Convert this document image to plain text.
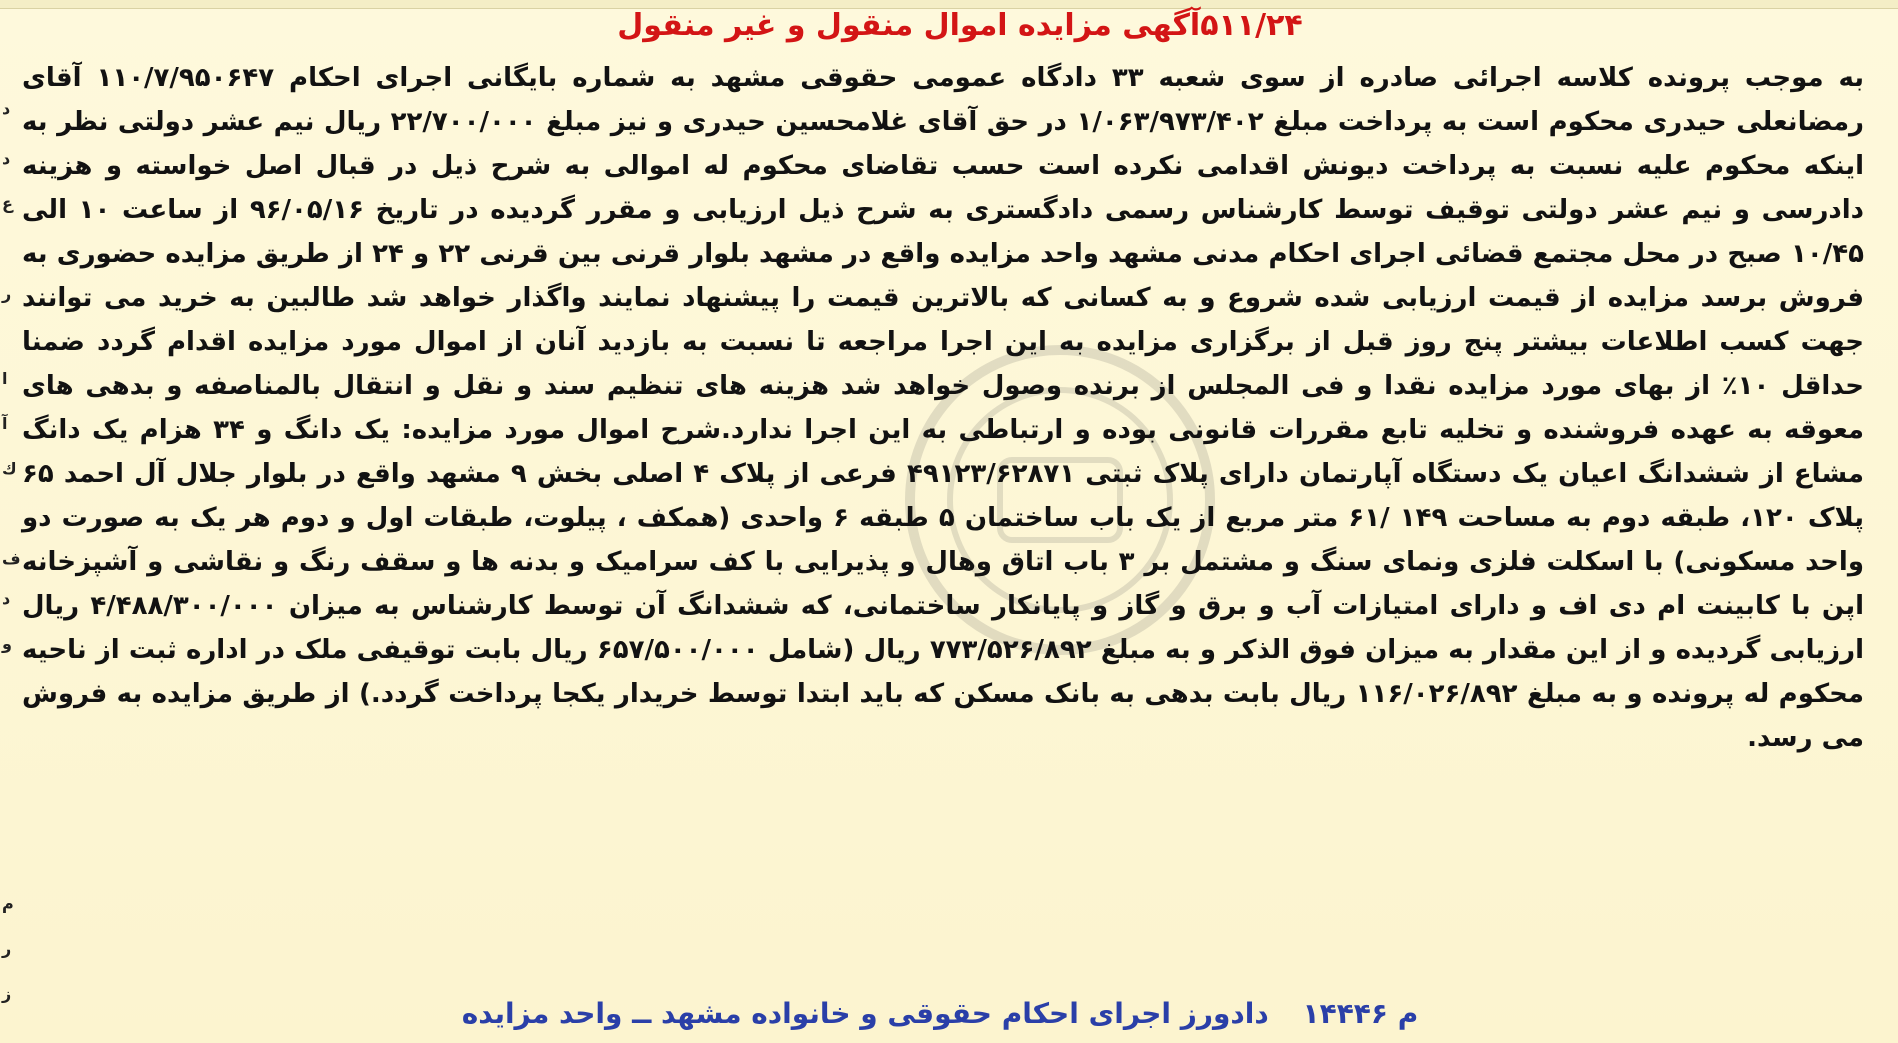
۵۱۱/۲۴آگهی مزایده اموال منقول و غیر منقول
به موجب پرونده کلاسه اجرائی صادره از سوی شعبه ۳۳ دادگاه عمومی حقوقی مشهد به شماره بایگانی اجرای احکام ۱۱۰/۷/۹۵۰۶۴۷ آقای رمضانعلی حیدری محکوم است به پرداخت مبلغ ۱/۰۶۳/۹۷۳/۴۰۲ در حق آقای غلامحسین حیدری و نیز مبلغ ۲۲/۷۰۰/۰۰۰ ریال نیم عشر دولتی نظر به اینکه محکوم علیه نسبت به پرداخت دیونش اقدامی نکرده است حسب تقاضای محکوم له اموالی به شرح ذیل در قبال اصل خواسته و هزینه دادرسی و نیم عشر دولتی توقیف توسط کارشناس رسمی دادگستری به شرح ذیل ارزیابی و مقرر گردیده در تاریخ ۹۶/۰۵/۱۶ از ساعت ۱۰ الی ۱۰/۴۵ صبح در محل مجتمع قضائی اجرای احکام مدنی مشهد واحد مزایده واقع در مشهد بلوار قرنی بین قرنی ۲۲ و ۲۴ از طریق مزایده حضوری به فروش برسد مزایده از قیمت ارزیابی شده شروع و به کسانی که بالاترین قیمت را پیشنهاد نمایند واگذار خواهد شد طالبین به خرید می توانند جهت کسب اطلاعات بیشتر پنج روز قبل از برگزاری مزایده به این اجرا مراجعه تا نسبت به بازدید آنان از اموال مورد مزایده اقدام گردد ضمنا حداقل ۱۰٪ از بهای مورد مزایده نقدا و فی المجلس از برنده وصول خواهد شد هزینه های تنظیم سند و نقل و انتقال بالمناصفه و بدهی های معوقه به عهده فروشنده و تخلیه تابع مقررات قانونی بوده و ارتباطی به این اجرا ندارد.شرح اموال مورد مزایده: یک دانگ و ۳۴ هزام یک دانگ مشاع از ششدانگ اعیان یک دستگاه آپارتمان دارای پلاک ثبتی ۴۹۱۲۳/۶۲۸۷۱ فرعی از پلاک ۴ اصلی بخش ۹ مشهد واقع در بلوار جلال آل احمد ۶۵ پلاک ۱۲۰، طبقه دوم به مساحت ۱۴۹ /۶۱ متر مربع از یک باب ساختمان ۵ طبقه ۶ واحدی (همکف ، پیلوت، طبقات اول و دوم هر یک به صورت دو واحد مسکونی) با اسکلت فلزی ونمای سنگ و مشتمل بر ۳ باب اتاق وهال و پذیرایی با کف سرامیک و بدنه ها و سقف رنگ و نقاشی و آشپزخانه اپن با کابینت ام دی اف و دارای امتیازات آب و برق و گاز و پایانکار ساختمانی، که ششدانگ آن توسط کارشناس به میزان ۴/۴۸۸/۳۰۰/۰۰۰ ریال ارزیابی گردیده و از این مقدار به میزان فوق الذکر و به مبلغ ۷۷۳/۵۲۶/۸۹۲ ریال (شامل ۶۵۷/۵۰۰/۰۰۰ ریال بابت توقیفی ملک در اداره ثبت از ناحیه محکوم له پرونده و به مبلغ ۱۱۶/۰۲۶/۸۹۲ ریال بابت بدهی به بانک مسکن که باید ابتدا توسط خریدار یکجا پرداخت گردد.) از طریق مزایده به فروش می رسد.
م ۱۴۴۴۶ دادورز اجرای احکام حقوقی و خانواده مشهد ــ واحد مزایده
د
د
ع
ر
ا
آ
ك
ف
د
و
م
ر
ز
